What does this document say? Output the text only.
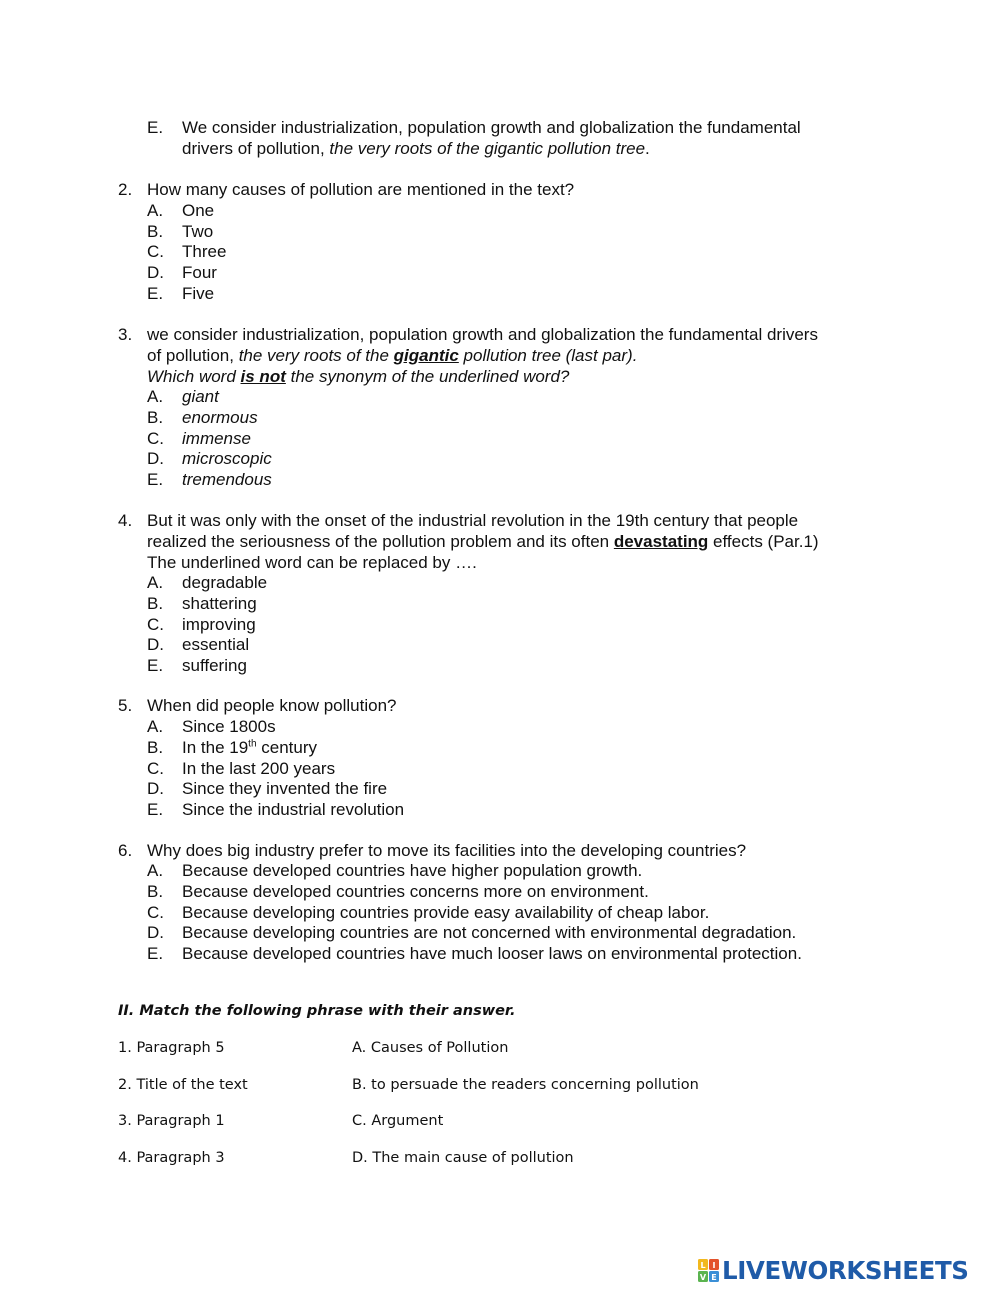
E. We consider industrialization, population growth and globalization the fundamental
drivers of pollution, the very roots of the gigantic pollution tree.
2. How many causes of pollution are mentioned in the text?
A. One
B. Two
C. Three
D. Four
E. Five
3. we consider industrialization, population growth and globalization the fundamental drivers
of pollution, the very roots of the gigantic pollution tree (last par).
Which word is not the synonym of the underlined word?
A. giant
B. enormous
C. immense
D. microscopic
E. tremendous
4. But it was only with the onset of the industrial revolution in the 19th century that people
realized the seriousness of the pollution problem and its often devastating effects (Par.1)
The underlined word can be replaced by ….
A. degradable
B. shattering
C. improving
D. essential
E. suffering
5. When did people know pollution?
A. Since 1800s
B. In the 19th century
C. In the last 200 years
D. Since they invented the fire
E. Since the industrial revolution
6. Why does big industry prefer to move its facilities into the developing countries?
A. Because developed countries have higher population growth.
B. Because developed countries concerns more on environment.
C. Because developing countries provide easy availability of cheap labor.
D. Because developing countries are not concerned with environmental degradation.
E. Because developed countries have much looser laws on environmental protection.
II. Match the following phrase with their answer.
1. Paragraph 5	A. Causes of Pollution
2. Title of the text	B. to persuade the readers concerning pollution
3. Paragraph 1	C. Argument
4. Paragraph 3	D. The main cause of pollution
L I
V E LIVEWORKSHEETS
